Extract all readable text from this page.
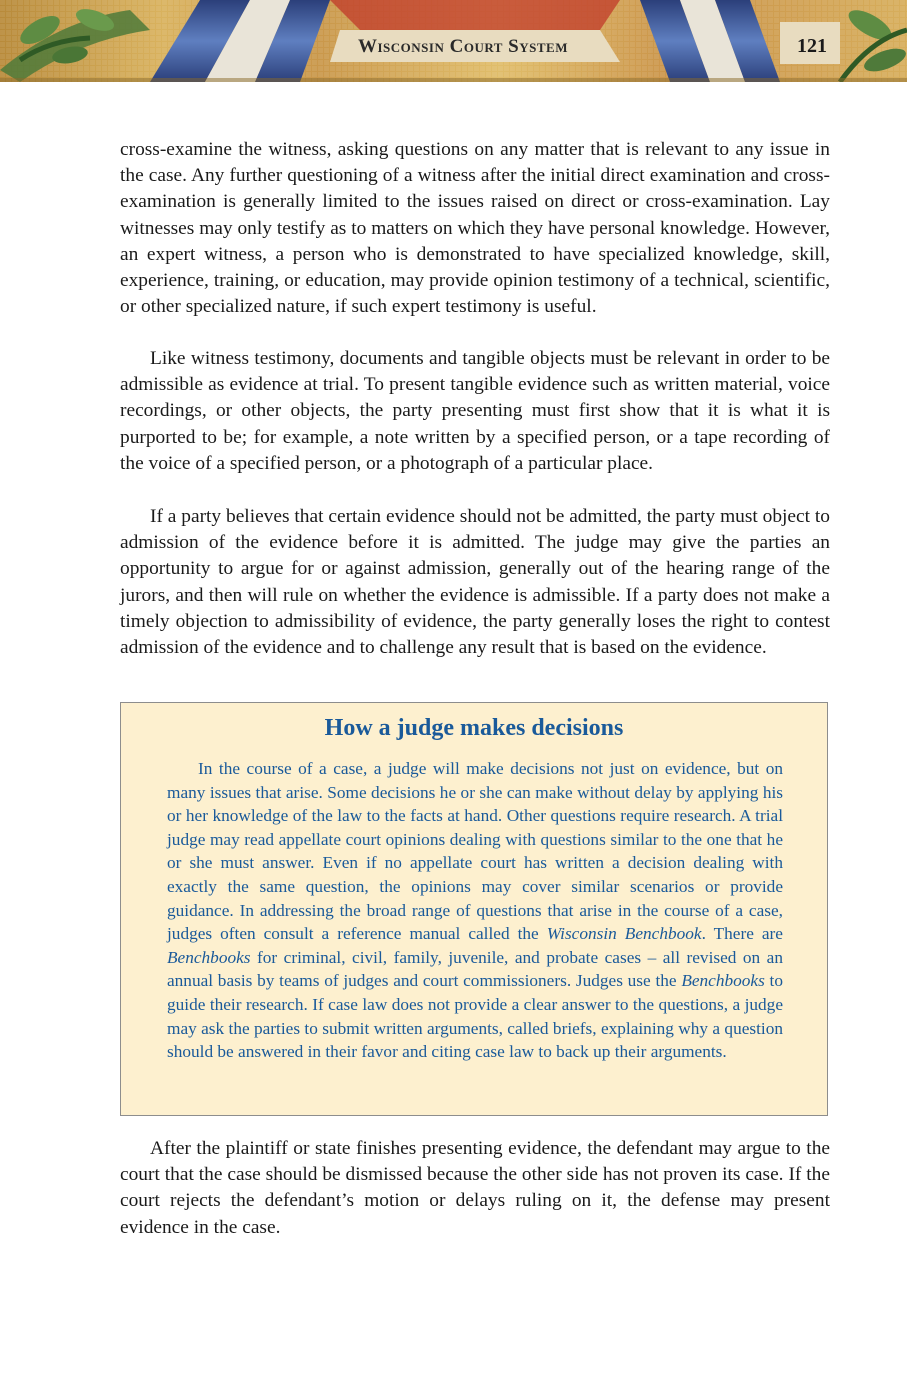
Wisconsin Court System	121

cross-examine the witness, asking questions on any matter that is relevant to any issue in the case. Any further questioning of a witness after the initial direct examination and cross-examination is generally limited to the issues raised on direct or cross-examination. Lay witnesses may only testify as to matters on which they have personal knowledge. However, an expert witness, a person who is demonstrated to have specialized knowledge, skill, experience, training, or education, may provide opinion testimony of a technical, scientific, or other specialized nature, if such expert testimony is useful.

Like witness testimony, documents and tangible objects must be relevant in order to be admissible as evidence at trial. To present tangible evidence such as written material, voice recordings, or other objects, the party presenting must first show that it is what it is purported to be; for example, a note written by a specified person, or a tape recording of the voice of a specified person, or a photograph of a particular place.

If a party believes that certain evidence should not be admitted, the party must object to admission of the evidence before it is admitted. The judge may give the parties an opportunity to argue for or against admission, generally out of the hearing range of the jurors, and then will rule on whether the evidence is admissible. If a party does not make a timely objection to admissibility of evidence, the party generally loses the right to contest admission of the evidence and to challenge any result that is based on the evidence.

How a judge makes decisions

In the course of a case, a judge will make decisions not just on evidence, but on many issues that arise. Some decisions he or she can make without delay by applying his or her knowledge of the law to the facts at hand. Other questions require research. A trial judge may read appellate court opinions dealing with questions similar to the one that he or she must answer. Even if no appellate court has written a decision dealing with exactly the same question, the opinions may cover similar scenarios or provide guidance. In addressing the broad range of questions that arise in the course of a case, judges often consult a reference manual called the Wisconsin Benchbook. There are Benchbooks for criminal, civil, family, juvenile, and probate cases – all revised on an annual basis by teams of judges and court commissioners. Judges use the Benchbooks to guide their research. If case law does not provide a clear answer to the questions, a judge may ask the parties to submit written arguments, called briefs, explaining why a question should be answered in their favor and citing case law to back up their arguments.

After the plaintiff or state finishes presenting evidence, the defendant may argue to the court that the case should be dismissed because the other side has not proven its case. If the court rejects the defendant’s motion or delays ruling on it, the defense may present evidence in the case.
